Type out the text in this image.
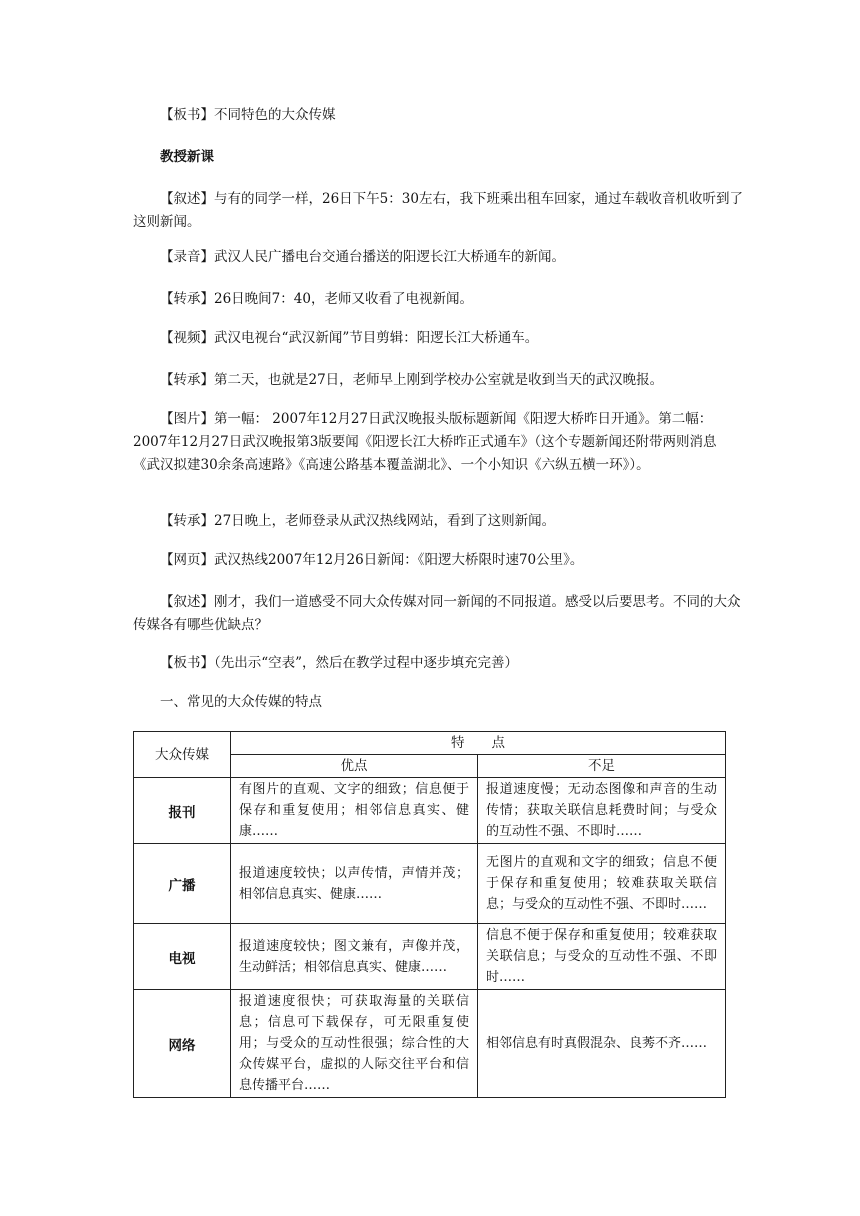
【板书】不同特色的大众传媒

教授新课

【叙述】与有的同学一样，26日下午5：30左右，我下班乘出租车回家，通过车载收音机收听到了这则新闻。

【录音】武汉人民广播电台交通台播送的阳逻长江大桥通车的新闻。

【转承】26日晚间7：40，老师又收看了电视新闻。

【视频】武汉电视台“武汉新闻”节目剪辑：阳逻长江大桥通车。

【转承】第二天，也就是27日，老师早上刚到学校办公室就是收到当天的武汉晚报。

【图片】第一幅： 2007年12月27日武汉晚报头版标题新闻《阳逻大桥昨日开通》。第二幅：2007年12月27日武汉晚报第3版要闻《阳逻长江大桥昨正式通车》（这个专题新闻还附带两则消息《武汉拟建30余条高速路》《高速公路基本覆盖湖北》、一个小知识《六纵五横一环》）。

【转承】27日晚上，老师登录从武汉热线网站，看到了这则新闻。

【网页】武汉热线2007年12月26日新闻：《阳逻大桥限时速70公里》。

【叙述】刚才，我们一道感受不同大众传媒对同一新闻的不同报道。感受以后要思考。不同的大众传媒各有哪些优缺点？

【板书】（先出示“空表”，然后在教学过程中逐步填充完善）

一、常见的大众传媒的特点

大众传媒	特　　点	
	优点	不足
报刊	有图片的直观、文字的细致；信息便于保存和重复使用；相邻信息真实、健康……	报道速度慢；无动态图像和声音的生动传情；获取关联信息耗费时间；与受众的互动性不强、不即时……
广播	报道速度较快；以声传情，声情并茂；相邻信息真实、健康……	无图片的直观和文字的细致；信息不便于保存和重复使用；较难获取关联信息；与受众的互动性不强、不即时……
电视	报道速度较快；图文兼有，声像并茂，生动鲜活；相邻信息真实、健康……	信息不便于保存和重复使用；较难获取关联信息；与受众的互动性不强、不即时……
网络	报道速度很快；可获取海量的关联信息；信息可下载保存，可无限重复使用；与受众的互动性很强；综合性的大众传媒平台，虚拟的人际交往平台和信息传播平台……	相邻信息有时真假混杂、良莠不齐……
